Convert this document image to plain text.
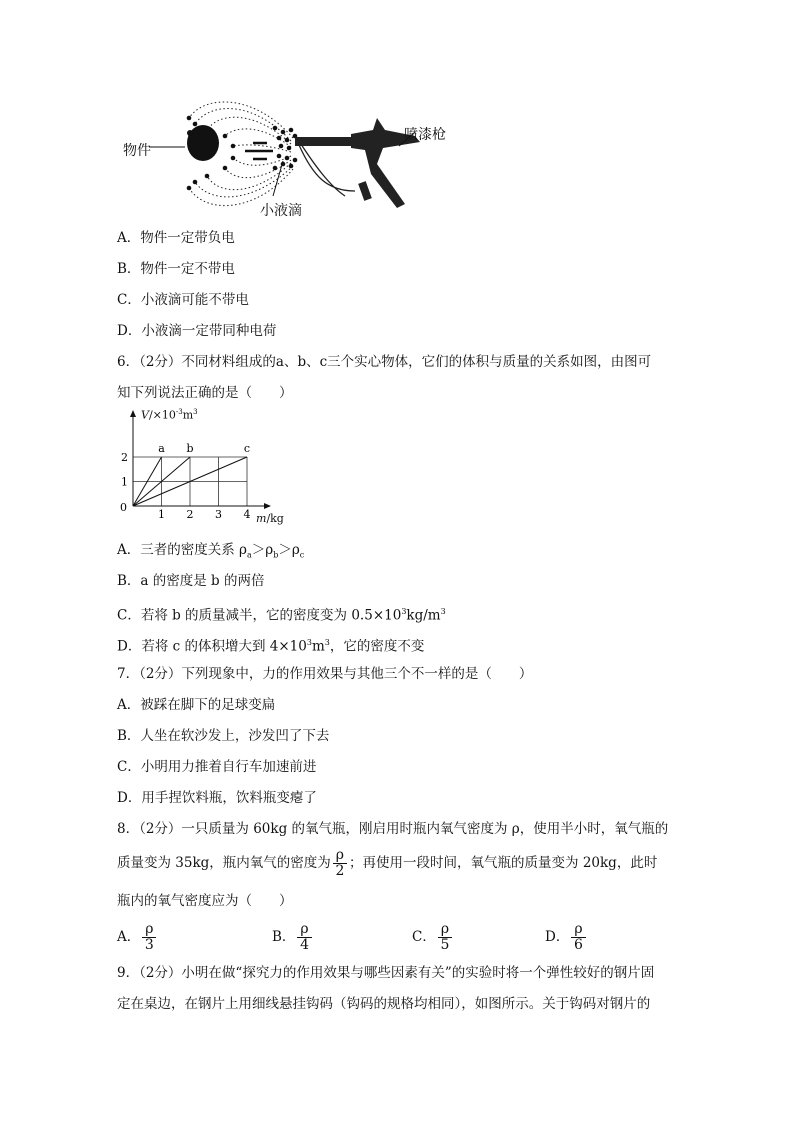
物件
喷漆枪
小液滴
A．物件一定带负电
B．物件一定不带电
C．小液滴可能不带电
D．小液滴一定带同种电荷
6．（2分）不同材料组成的a、b、c三个实心物体，它们的体积与质量的关系如图，由图可
知下列说法正确的是（　　）
1 2 3 4
1
2
0
a b	c
$V/\times 10^{-3}m^3$
m/kg
A．三者的密度关系 $\rho_a>\rho_b>\rho_c$
B．a 的密度是 b 的两倍
C．若将 b 的质量减半，它的密度变为 $0.5\times 10^3kg/m^3$
D．若将 c 的体积增大到 $4\times 10^3m^3$，它的密度不变
7．（2分）下列现象中，力的作用效果与其他三个不一样的是（　　）
A．被踩在脚下的足球变扁
B．人坐在软沙发上，沙发凹了下去
C．小明用力推着自行车加速前进
D．用手捏饮料瓶，饮料瓶变瘪了
8．（2分）一只质量为 60kg 的氧气瓶，刚启用时瓶内氧气密度为 ρ，使用半小时，氧气瓶的
质量变为 35kg，瓶内氧气的密度为 $\frac{\rho}{2}$ ；再使用一段时间，氧气瓶的质量变为 20kg，此时
瓶内的氧气密度应为（　　）
A． $\frac{\rho}{3}$	B． $\frac{\rho}{4}$	C． $\frac{\rho}{5}$	D． $\frac{\rho}{6}$
9．（2分）小明在做“探究力的作用效果与哪些因素有关”的实验时将一个弹性较好的钢片固
定在桌边，在钢片上用细线悬挂钩码（钩码的规格均相同），如图所示。关于钩码对钢片的
